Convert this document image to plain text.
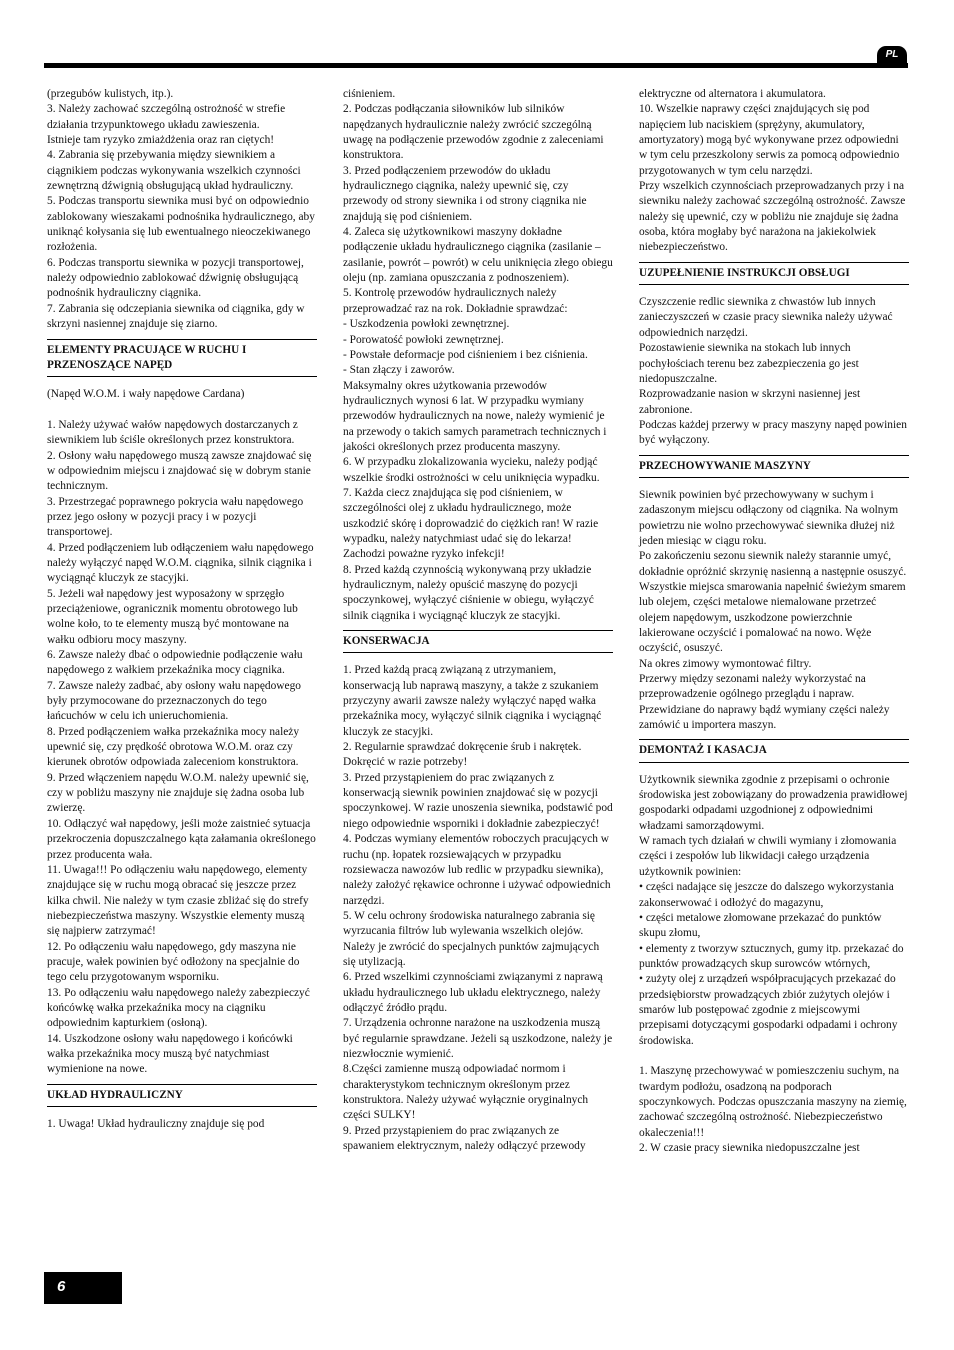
PL

(przegubów kulistych, itp.).

3. Należy zachować szczególną ostrożność w strefie działania trzypunktowego układu zawieszenia.

Istnieje tam ryzyko zmiażdżenia oraz ran ciętych!

4. Zabrania się przebywania między siewnikiem a ciągnikiem podczas wykonywania wszelkich czynności zewnętrzną dźwignią obsługującą układ hydrauliczny.

5. Podczas transportu siewnika musi być on odpowiednio zablokowany wieszakami podnośnika hydraulicznego, aby uniknąć kołysania się lub ewentualnego nieoczekiwanego rozłożenia.

6. Podczas transportu siewnika w pozycji transportowej, należy odpowiednio zablokować dźwignię obsługującą podnośnik hydrauliczny ciągnika.

7. Zabrania się odczepiania siewnika od ciągnika, gdy w skrzyni nasiennej znajduje się ziarno.

ELEMENTY PRACUJĄCE W RUCHU I PRZENOSZĄCE NAPĘD

(Napęd W.O.M. i wały napędowe Cardana)

1. Należy używać wałów napędowych dostarczanych z siewnikiem lub ściśle określonych przez konstruktora.

2. Osłony wału napędowego muszą zawsze znajdować się w odpowiednim miejscu i znajdować się w dobrym stanie technicznym.

3. Przestrzegać poprawnego pokrycia wału napędowego przez jego osłony w pozycji pracy i w pozycji transportowej.

4. Przed podłączeniem lub odłączeniem wału napędowego należy wyłączyć napęd W.O.M. ciągnika, silnik ciągnika i wyciągnąć kluczyk ze stacyjki.

5. Jeżeli wał napędowy jest wyposażony w sprzęgło przeciążeniowe, ogranicznik momentu obrotowego lub wolne koło, to te elementy muszą być montowane na wałku odbioru mocy maszyny.

6. Zawsze należy dbać o odpowiednie podłączenie wału napędowego z wałkiem przekaźnika mocy ciągnika.

7. Zawsze należy zadbać, aby osłony wału napędowego były przymocowane do przeznaczonych do tego łańcuchów w celu ich unieruchomienia.

8. Przed podłączeniem wałka przekaźnika mocy należy upewnić się, czy prędkość obrotowa W.O.M. oraz czy kierunek obrotów odpowiada zaleceniom konstruktora.

9. Przed włączeniem napędu W.O.M. należy upewnić się, czy w pobliżu maszyny nie znajduje się żadna osoba lub zwierzę.

10. Odłączyć wał napędowy, jeśli może zaistnieć sytuacja przekroczenia dopuszczalnego kąta załamania określonego przez producenta wała.

11. Uwaga!!! Po odłączeniu wału napędowego, elementy znajdujące się w ruchu mogą obracać się jeszcze przez kilka chwil. Nie należy w tym czasie zbliżać się do strefy niebezpieczeństwa maszyny. Wszystkie elementy muszą się najpierw zatrzymać!

12. Po odłączeniu wału napędowego, gdy maszyna nie pracuje, wałek powinien być odłożony na specjalnie do tego celu przygotowanym wsporniku.

13. Po odłączeniu wału napędowego należy zabezpieczyć końcówkę wałka przekaźnika mocy na ciągniku odpowiednim kapturkiem (osłoną).

14. Uszkodzone osłony wału napędowego i końcówki wałka przekaźnika mocy muszą być natychmiast wymienione na nowe.

UKŁAD HYDRAULICZNY

1. Uwaga! Układ hydrauliczny znajduje się pod

ciśnieniem.

2. Podczas podłączania siłowników lub silników napędzanych hydraulicznie należy zwrócić szczególną uwagę na podłączenie przewodów zgodnie z zaleceniami konstruktora.

3. Przed podłączeniem przewodów do układu hydraulicznego ciągnika, należy upewnić się, czy przewody od strony siewnika i od strony ciągnika nie znajdują się pod ciśnieniem.

4. Zaleca się użytkownikowi maszyny dokładne podłączenie układu hydraulicznego ciągnika (zasilanie – zasilanie, powrót – powrót) w celu uniknięcia złego obiegu oleju (np. zamiana opuszczania z podnoszeniem).

5. Kontrolę przewodów hydraulicznych należy przeprowadzać raz na rok. Dokładnie sprawdzać:

- Uszkodzenia powłoki zewnętrznej.

- Porowatość powłoki zewnętrznej.

- Powstałe deformacje pod ciśnieniem i bez ciśnienia.

- Stan złączy i zaworów.

Maksymalny okres użytkowania przewodów hydraulicznych wynosi 6 lat. W przypadku wymiany przewodów hydraulicznych na nowe, należy wymienić je na przewody o takich samych parametrach technicznych i jakości określonych przez producenta maszyny.

6. W przypadku zlokalizowania wycieku, należy podjąć wszelkie środki ostrożności w celu uniknięcia wypadku.

7. Każda ciecz znajdująca się pod ciśnieniem, w szczególności olej z układu hydraulicznego, może uszkodzić skórę i doprowadzić do ciężkich ran! W razie wypadku, należy natychmiast udać się do lekarza! Zachodzi poważne ryzyko infekcji!

8. Przed każdą czynnością wykonywaną przy układzie hydraulicznym, należy opuścić maszynę do pozycji spoczynkowej, wyłączyć ciśnienie w obiegu, wyłączyć silnik ciągnika i wyciągnąć kluczyk ze stacyjki.

KONSERWACJA

1. Przed każdą pracą związaną z utrzymaniem, konserwacją lub naprawą maszyny, a także z szukaniem przyczyny awarii zawsze należy wyłączyć napęd wałka przekaźnika mocy, wyłączyć silnik ciągnika i wyciągnąć kluczyk ze stacyjki.

2. Regularnie sprawdzać dokręcenie śrub i nakrętek. Dokręcić w razie potrzeby!

3. Przed przystąpieniem do prac związanych z konserwacją siewnik powinien znajdować się w pozycji spoczynkowej. W razie unoszenia siewnika, podstawić pod niego odpowiednie wsporniki i dokładnie zabezpieczyć!

4. Podczas wymiany elementów roboczych pracujących w ruchu (np. łopatek rozsiewających w przypadku rozsiewacza nawozów lub redlic w przypadku siewnika), należy założyć rękawice ochronne i używać odpowiednich narzędzi.

5. W celu ochrony środowiska naturalnego zabrania się wyrzucania filtrów lub wylewania wszelkich olejów. Należy je zwrócić do specjalnych punktów zajmujących się utylizacją.

6. Przed wszelkimi czynnościami związanymi z naprawą układu hydraulicznego lub układu elektrycznego, należy odłączyć źródło prądu.

7. Urządzenia ochronne narażone na uszkodzenia muszą być regularnie sprawdzane. Jeżeli są uszkodzone, należy je niezwłocznie wymienić.

8.Części zamienne muszą odpowiadać normom i charakterystykom technicznym określonym przez konstruktora. Należy używać wyłącznie oryginalnych części SULKY!

9. Przed przystąpieniem do prac związanych ze spawaniem elektrycznym, należy odłączyć przewody

elektryczne od alternatora i akumulatora.

10. Wszelkie naprawy części znajdujących się pod napięciem lub naciskiem (sprężyny, akumulatory, amortyzatory) mogą być wykonywane przez odpowiedni w tym celu przeszkolony serwis za pomocą odpowiednio przygotowanych w tym celu narzędzi.

Przy wszelkich czynnościach przeprowadzanych przy i na siewniku należy zachować szczególną ostrożność. Zawsze należy się upewnić, czy w pobliżu nie znajduje się żadna osoba, która mogłaby być narażona na jakiekolwiek niebezpieczeństwo.

UZUPEŁNIENIE INSTRUKCJI OBSŁUGI

Czyszczenie redlic siewnika z chwastów lub innych zanieczyszczeń w czasie pracy siewnika należy używać odpowiednich narzędzi.

Pozostawienie siewnika na stokach lub innych pochyłościach terenu bez zabezpieczenia go jest niedopuszczalne.

Rozprowadzanie nasion w skrzyni nasiennej jest zabronione.

Podczas każdej przerwy w pracy maszyny napęd powinien być wyłączony.

PRZECHOWYWANIE MASZYNY

Siewnik powinien być przechowywany w suchym i zadaszonym miejscu odłączony od ciągnika. Na wolnym powietrzu nie wolno przechowywać siewnika dłużej niż jeden miesiąc w ciągu roku.

Po zakończeniu sezonu siewnik należy starannie umyć, dokładnie opróżnić skrzynię nasienną a następnie osuszyć. Wszystkie miejsca smarowania napełnić świeżym smarem lub olejem, części metalowe niemalowane przetrzeć olejem napędowym, uszkodzone powierzchnie lakierowane oczyścić i pomalować na nowo. Węże oczyścić, osuszyć.

Na okres zimowy wymontować filtry.

Przerwy między sezonami należy wykorzystać na przeprowadzenie ogólnego przeglądu i napraw. Przewidziane do naprawy bądź wymiany części należy zamówić u importera maszyn.

DEMONTAŻ I KASACJA

Użytkownik siewnika zgodnie z przepisami o ochronie środowiska jest zobowiązany do prowadzenia prawidłowej gospodarki odpadami uzgodnionej z odpowiednimi władzami samorządowymi.

W ramach tych działań w chwili wymiany i złomowania części i zespołów lub likwidacji całego urządzenia użytkownik powinien:

• części nadające się jeszcze do dalszego wykorzystania zakonserwować i odłożyć do magazynu,

• części metalowe złomowane przekazać do punktów skupu złomu,

• elementy z tworzyw sztucznych, gumy itp. przekazać do punktów prowadzących skup surowców wtórnych,

• zużyty olej z urządzeń współpracujących przekazać do przedsiębiorstw prowadzących zbiór zużytych olejów i smarów lub postępować zgodnie z miejscowymi przepisami dotyczącymi gospodarki odpadami i ochrony środowiska.

1. Maszynę przechowywać w pomieszczeniu suchym, na twardym podłożu, osadzoną na podporach spoczynkowych. Podczas opuszczania maszyny na ziemię, zachować szczególną ostrożność. Niebezpieczeństwo okaleczenia!!!

2. W czasie pracy siewnika niedopuszczalne jest

6
